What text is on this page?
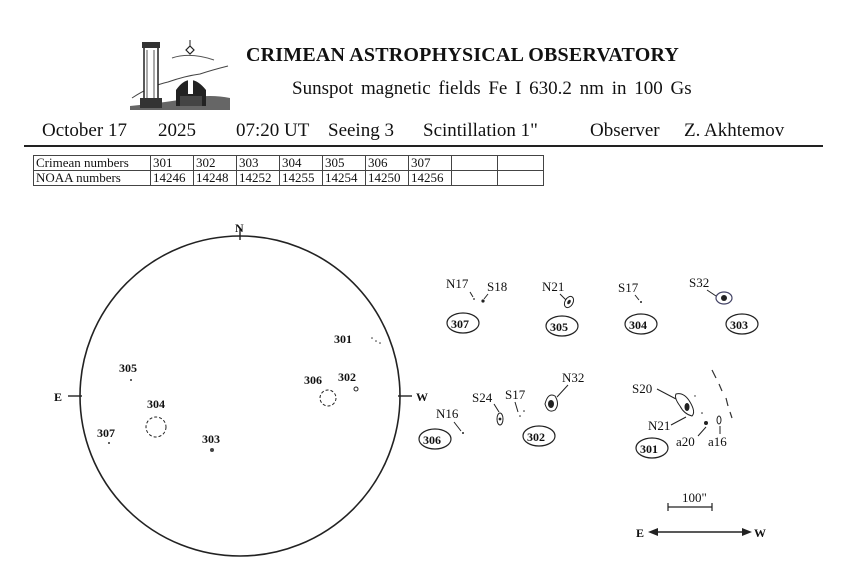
CRIMEAN ASTROPHYSICAL OBSERVATORY
Sunspot magnetic fields Fe I 630.2 nm in 100 Gs
October 17 2025 07:20 UT Seeing 3 Scintillation 1"	Observer Z. Akhtemov
Crimean numbers	301	302	303	304	305	306	307		
NOAA numbers	14246	14248	14252	14255	14254	14250	14256		
N
E	W
301
302
303
304
305
306
307
N17 S18
307
N21
305
S17
304
S32
303
N16
306
S24 S17
N32
302
S20
N21
a20 a16
301
100"
E	W
